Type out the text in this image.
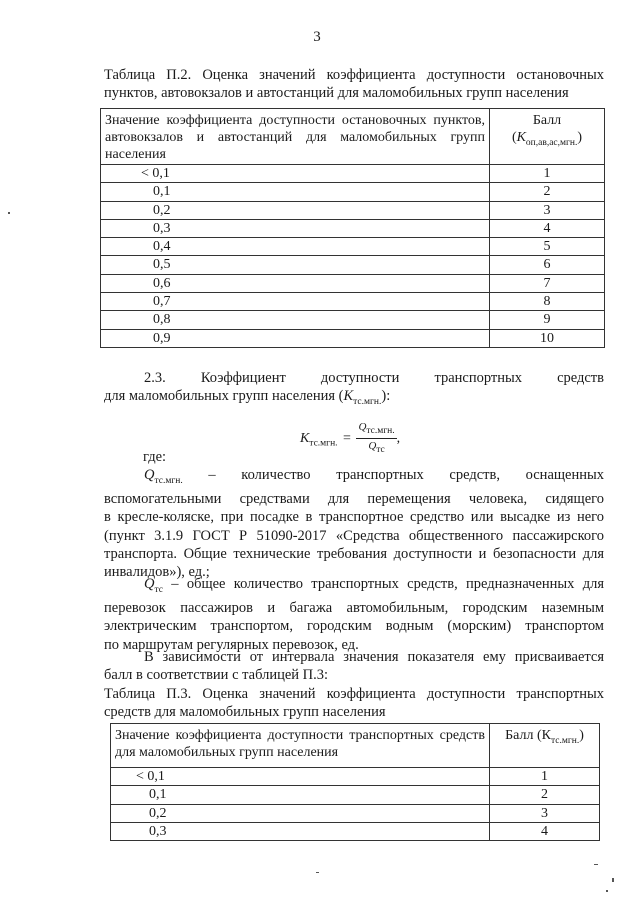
3
Таблица П.2. Оценка значений коэффициента доступности остановочных
пунктов, автовокзалов и автостанций для маломобильных групп населения
Значение коэффициента доступности остановочных пунктов, автовокзалов и автостанций для маломобильных групп населения	Балл
$(К_{оп,ав,ас,мгн.})$

< 0,1	1
0,1	2
0,2	3
0,3	4
0,4	5
0,5	6
0,6	7
0,7	8
0,8	9
0,9	10
2.3. Коэффициент доступности транспортных средств
для маломобильных групп населения $(К_{тс.мгн.})$:
$К_{тс.мгн.} = \frac{Q_{тс.мгн.}}{Q_{тс}}$ ,
где:
$Q_{тс.мгн.}$ – количество транспортных средств, оснащенных
вспомогательными средствами для перемещения человека, сидящего
в кресле-коляске, при посадке в транспортное средство или высадке из него
(пункт 3.1.9 ГОСТ Р 51090-2017 «Средства общественного пассажирского
транспорта. Общие технические требования доступности и безопасности для
инвалидов»), ед.;
$Q_{тс}$ – общее количество транспортных средств, предназначенных для
перевозок пассажиров и багажа автомобильным, городским наземным
электрическим транспортом, городским водным (морским) транспортом
по маршрутам регулярных перевозок, ед.
В зависимости от интервала значения показателя ему присваивается
балл в соответствии с таблицей П.3:
Таблица П.3. Оценка значений коэффициента доступности транспортных
средств для маломобильных групп населения
Значение коэффициента доступности транспортных средств для маломобильных групп населения	Балл $(К_{тс.мгн.})$
< 0,1	1
0,1	2
0,2	3
0,3	4
